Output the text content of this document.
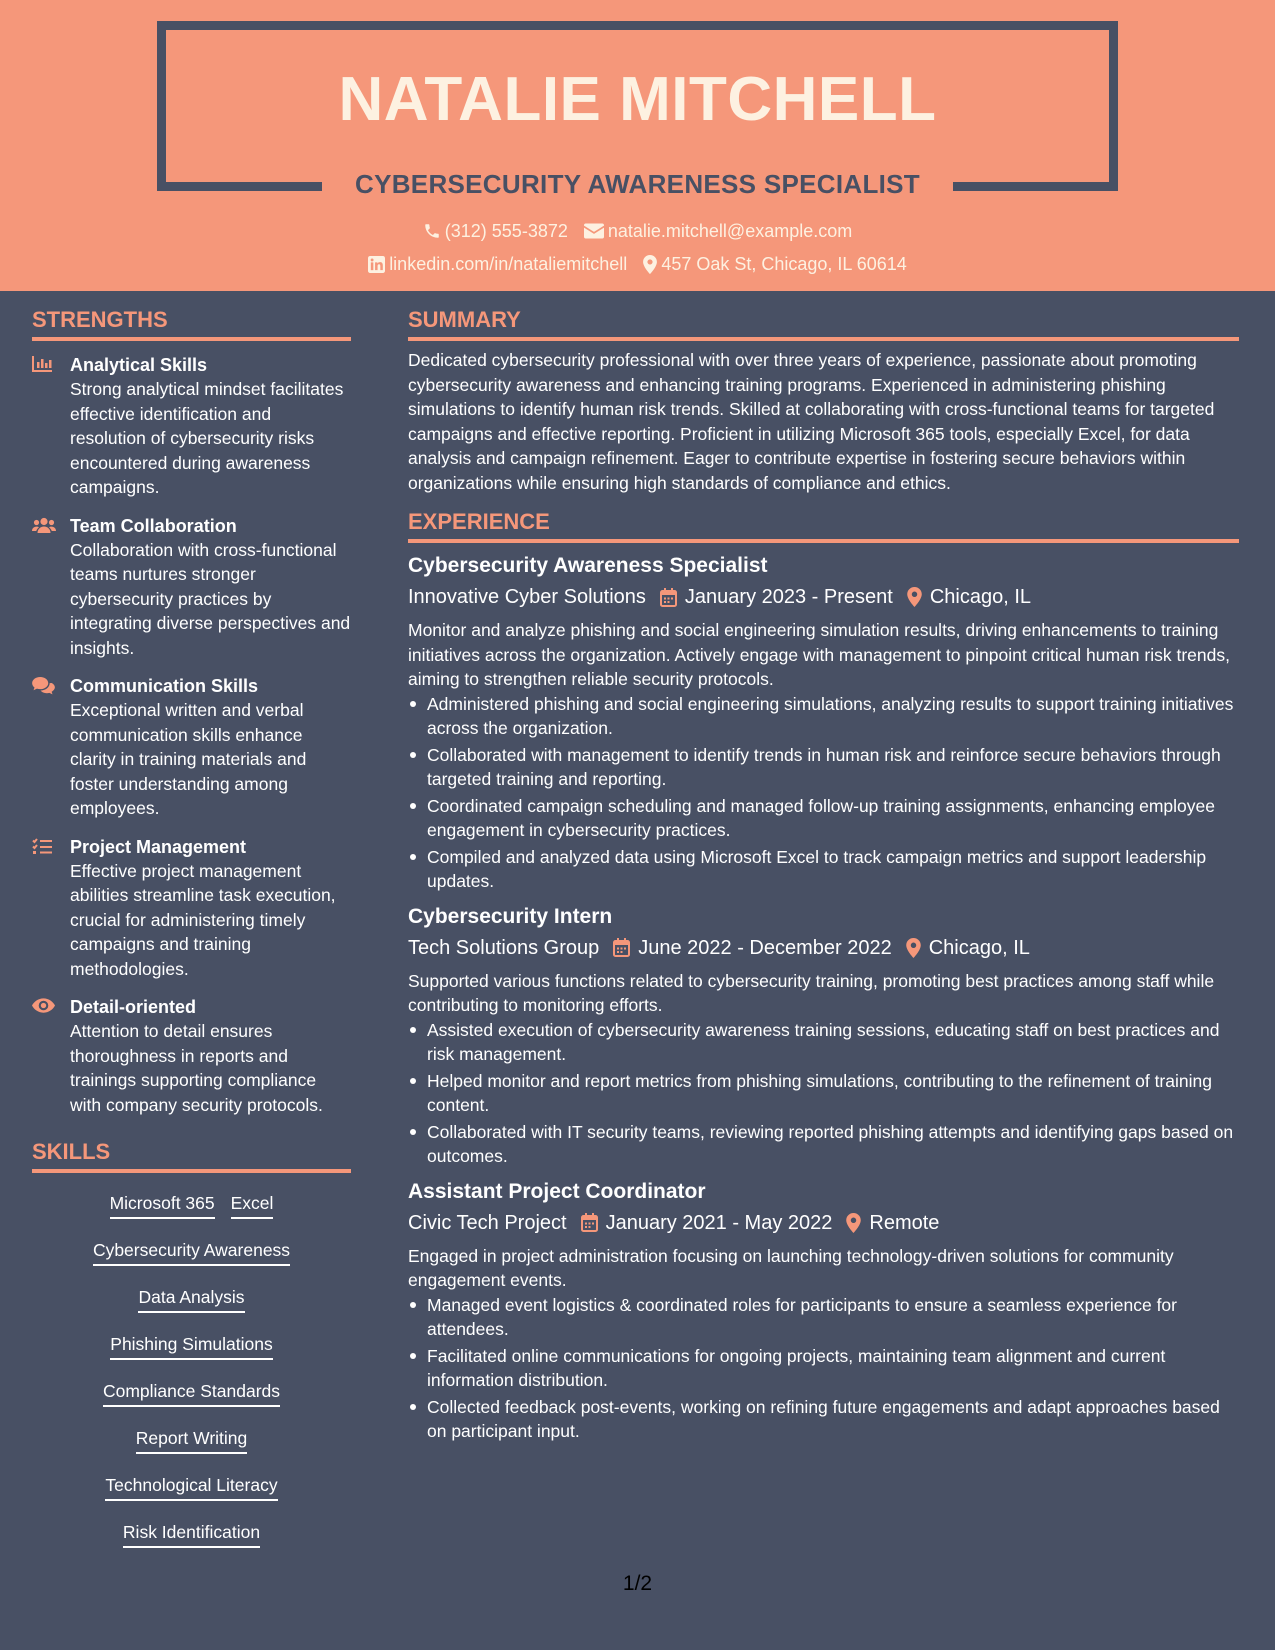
NATALIE MITCHELL
CYBERSECURITY AWARENESS SPECIALIST
(312) 555-3872 natalie.mitchell@example.com
linkedin.com/in/nataliemitchell 457 Oak St, Chicago, IL 60614
STRENGTHS
Analytical Skills
Strong analytical mindset facilitates effective identification and resolution of cybersecurity risks encountered during awareness campaigns.
Team Collaboration
Collaboration with cross-functional teams nurtures stronger cybersecurity practices by integrating diverse perspectives and insights.
Communication Skills
Exceptional written and verbal communication skills enhance clarity in training materials and foster understanding among employees.
Project Management
Effective project management abilities streamline task execution, crucial for administering timely campaigns and training methodologies.
Detail-oriented
Attention to detail ensures thoroughness in reports and trainings supporting compliance with company security protocols.
SKILLS
Microsoft 365 Excel
Cybersecurity Awareness
Data Analysis
Phishing Simulations
Compliance Standards
Report Writing
Technological Literacy
Risk Identification
SUMMARY
Dedicated cybersecurity professional with over three years of experience, passionate about promoting cybersecurity awareness and enhancing training programs. Experienced in administering phishing simulations to identify human risk trends. Skilled at collaborating with cross-functional teams for targeted campaigns and effective reporting. Proficient in utilizing Microsoft 365 tools, especially Excel, for data analysis and campaign refinement. Eager to contribute expertise in fostering secure behaviors within organizations while ensuring high standards of compliance and ethics.
EXPERIENCE
Cybersecurity Awareness Specialist
Innovative Cyber Solutions January 2023 - Present Chicago, IL
Monitor and analyze phishing and social engineering simulation results, driving enhancements to training initiatives across the organization. Actively engage with management to pinpoint critical human risk trends, aiming to strengthen reliable security protocols.
Administered phishing and social engineering simulations, analyzing results to support training initiatives across the organization.
Collaborated with management to identify trends in human risk and reinforce secure behaviors through targeted training and reporting.
Coordinated campaign scheduling and managed follow-up training assignments, enhancing employee engagement in cybersecurity practices.
Compiled and analyzed data using Microsoft Excel to track campaign metrics and support leadership updates.
Cybersecurity Intern
Tech Solutions Group June 2022 - December 2022 Chicago, IL
Supported various functions related to cybersecurity training, promoting best practices among staff while contributing to monitoring efforts.
Assisted execution of cybersecurity awareness training sessions, educating staff on best practices and risk management.
Helped monitor and report metrics from phishing simulations, contributing to the refinement of training content.
Collaborated with IT security teams, reviewing reported phishing attempts and identifying gaps based on outcomes.
Assistant Project Coordinator
Civic Tech Project January 2021 - May 2022 Remote
Engaged in project administration focusing on launching technology-driven solutions for community engagement events.
Managed event logistics & coordinated roles for participants to ensure a seamless experience for attendees.
Facilitated online communications for ongoing projects, maintaining team alignment and current information distribution.
Collected feedback post-events, working on refining future engagements and adapt approaches based on participant input.
1/2
